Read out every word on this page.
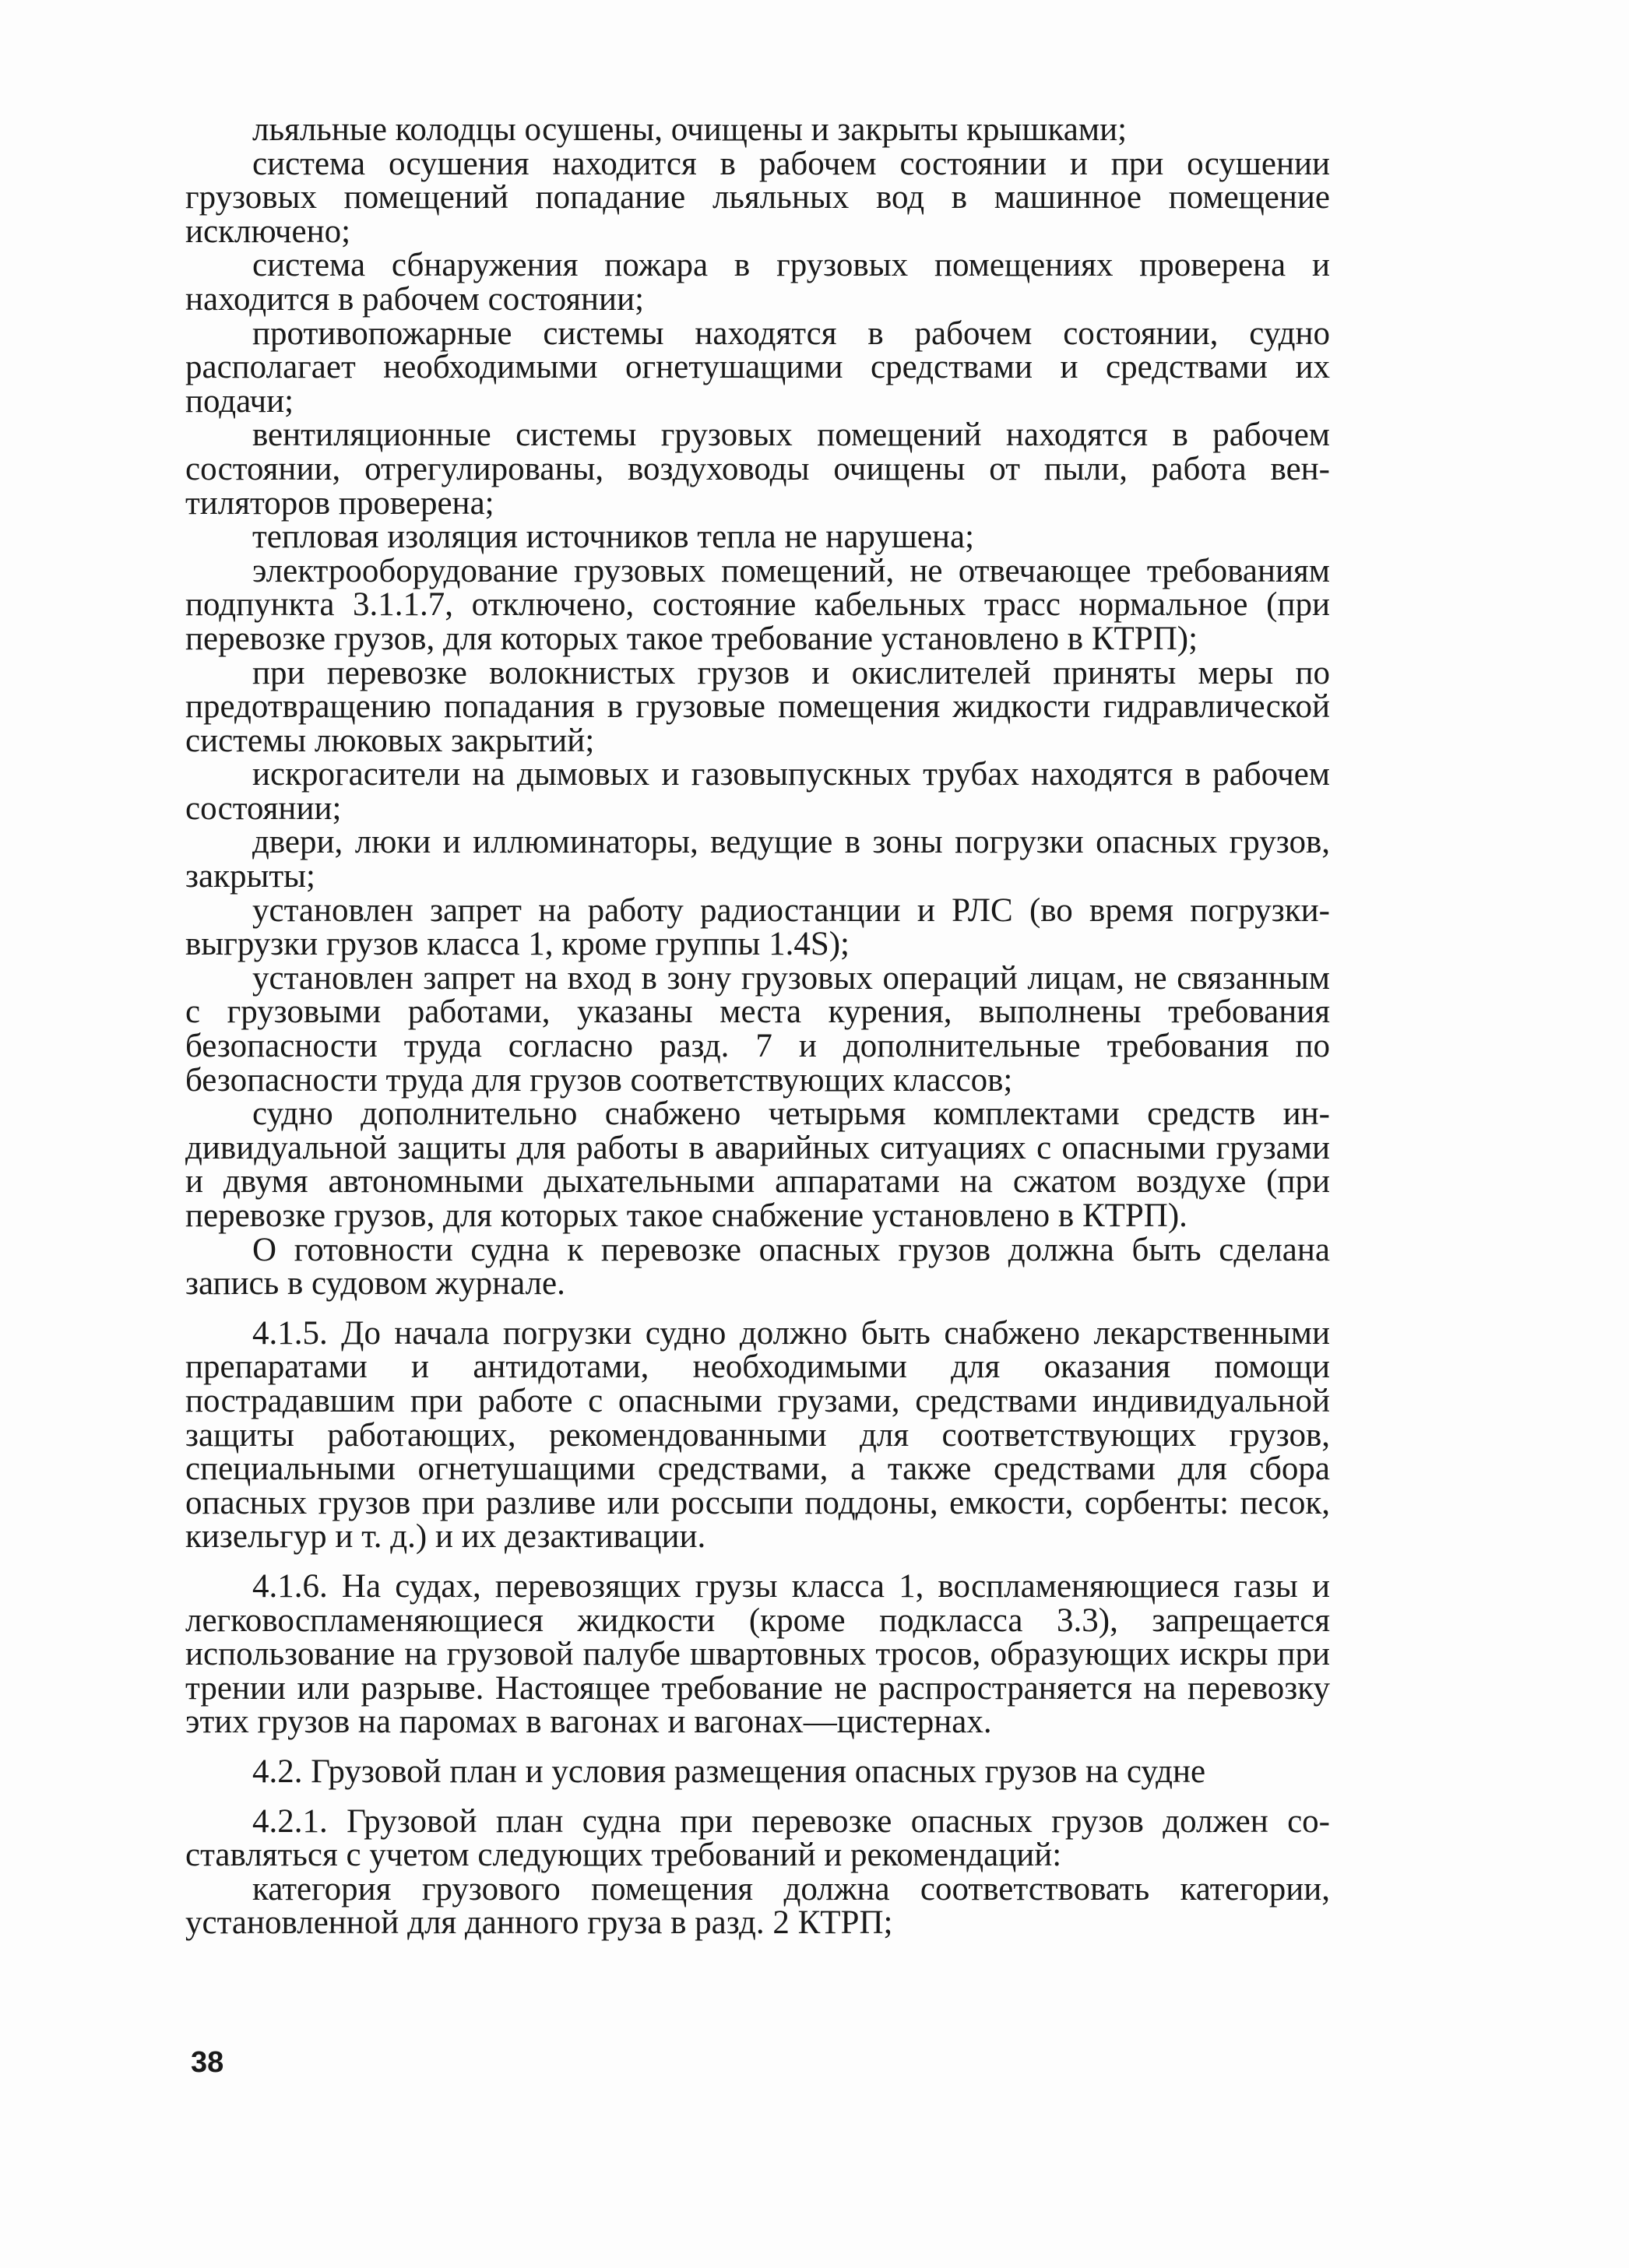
льяльные колодцы осушены, очищены и закрыты крышками;

система осушения находится в рабочем состоянии и при осушении грузовых помещений попадание льяльных вод в машинное помещение исключено;

система сбнаружения пожара в грузовых помещениях проверена и находится в рабочем состоянии;

противопожарные системы находятся в рабочем состоянии, судно располагает необходимыми огнетушащими средствами и средствами их подачи;

вентиляционные системы грузовых помещений находятся в рабочем состоянии, отрегулированы, воздуховоды очищены от пыли, работа вентиляторов проверена;

тепловая изоляция источников тепла не нарушена;

электрооборудование грузовых помещений, не отвечающее требованиям подпункта 3.1.1.7, отключено, состояние кабельных трасс нормальное (при перевозке грузов, для которых такое требование установлено в КТРП);

при перевозке волокнистых грузов и окислителей приняты меры по предотвращению попадания в грузовые помещения жидкости гидравлической системы люковых закрытий;

искрогасители на дымовых и газовыпускных трубах находятся в рабочем состоянии;

двери, люки и иллюминаторы, ведущие в зоны погрузки опасных грузов, закрыты;

установлен запрет на работу радиостанции и РЛС (во время погрузки-выгрузки грузов класса 1, кроме группы 1.4S);

установлен запрет на вход в зону грузовых операций лицам, не связанным с грузовыми работами, указаны места курения, выполнены требования безопасности труда согласно разд. 7 и дополнительные требования по безопасности труда для грузов соответствующих классов;

судно дополнительно снабжено четырьмя комплектами средств индивидуальной защиты для работы в аварийных ситуациях с опасными грузами и двумя автономными дыхательными аппаратами на сжатом воздухе (при перевозке грузов, для которых такое снабжение установлено в КТРП).

О готовности судна к перевозке опасных грузов должна быть сделана запись в судовом журнале.

4.1.5. До начала погрузки судно должно быть снабжено лекарственными препаратами и антидотами, необходимыми для оказания помощи пострадавшим при работе с опасными грузами, средствами индивидуальной защиты работающих, рекомендованными для соответствующих грузов, специальными огнетушащими средствами, а также средствами для сбора опасных грузов при разливе или россыпи поддоны, емкости, сорбенты: песок, кизельгур и т. д.) и их дезактивации.

4.1.6. На судах, перевозящих грузы класса 1, воспламеняющиеся газы и легковоспламеняющиеся жидкости (кроме подкласса 3.3), запрещается использование на грузовой палубе швартовных тросов, образующих искры при трении или разрыве. Настоящее требование не распространяется на перевозку этих грузов на паромах в вагонах и вагонах—цистернах.

4.2. Грузовой план и условия размещения опасных грузов на судне

4.2.1. Грузовой план судна при перевозке опасных грузов должен составляться с учетом следующих требований и рекомендаций:

категория грузового помещения должна соответствовать категории, установленной для данного груза в разд. 2 КТРП;

38
